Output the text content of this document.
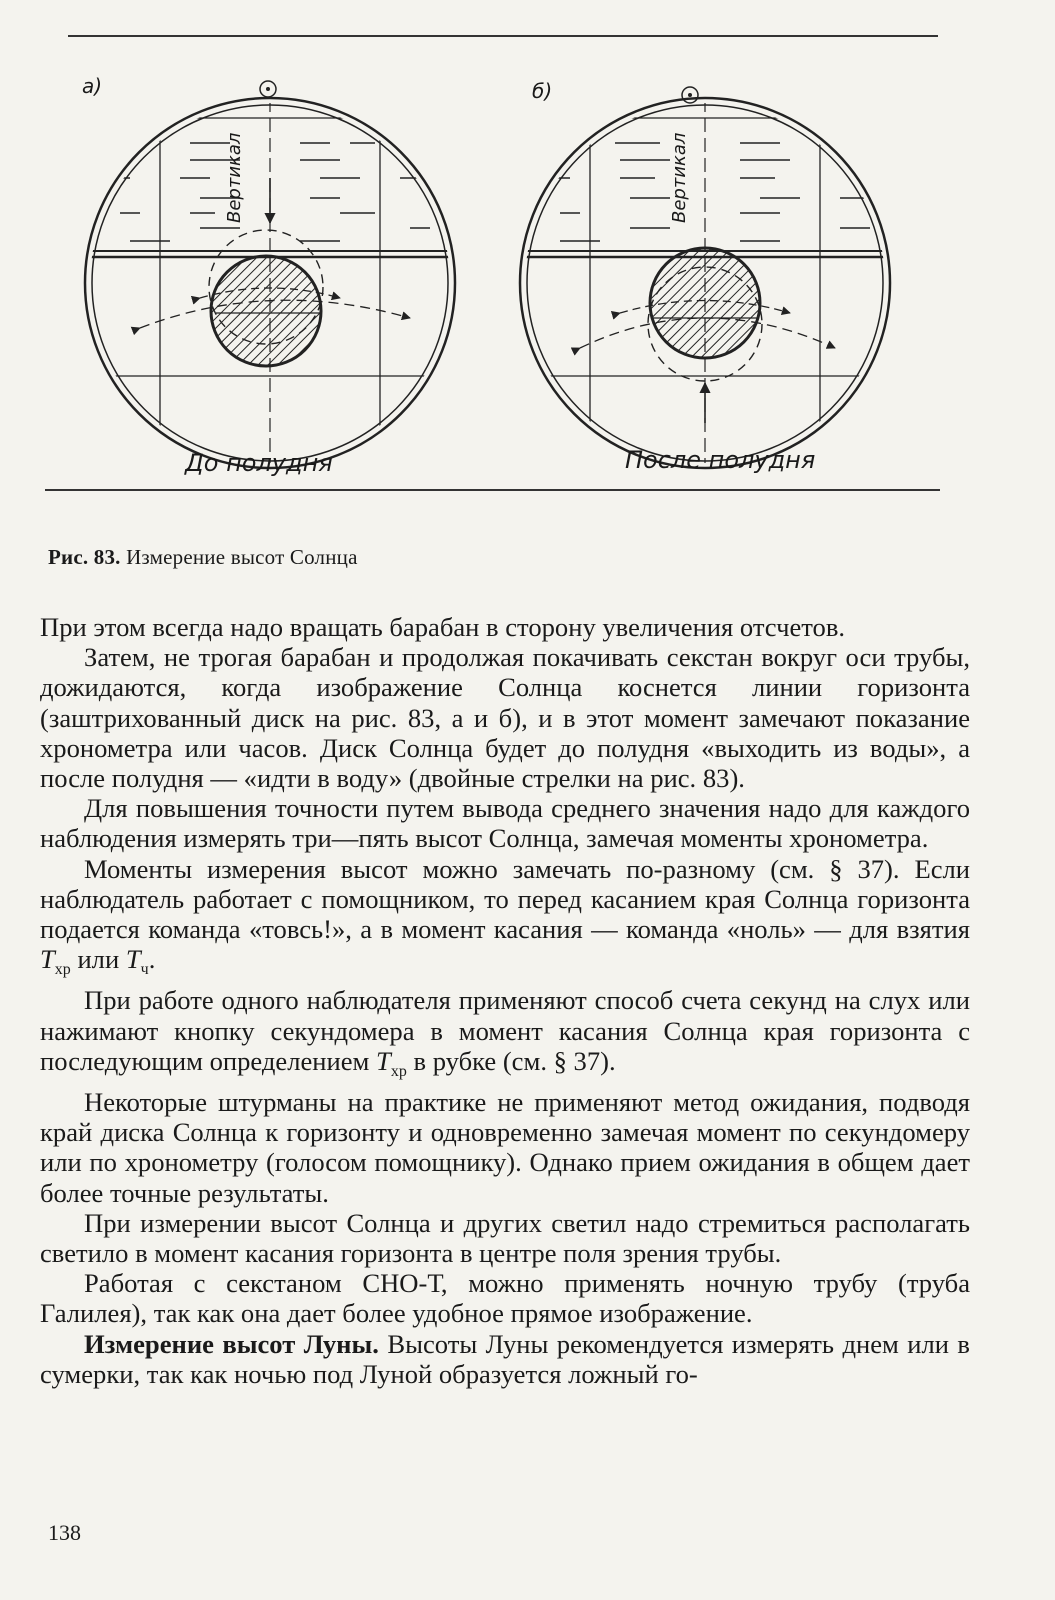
Вертикал
а)
До полудня
Вертикал
б)
После полудня
Рис. 83. Измерение высот Солнца

При этом всегда надо вращать барабан в сторону увеличения отсчетов.

Затем, не трогая барабан и продолжая покачивать секстан вокруг оси трубы, дожидаются, когда изображение Солнца коснется линии горизонта (заштрихованный диск на рис. 83, а и б), и в этот момент замечают показание хронометра или часов. Диск Солнца будет до полудня «выходить из воды», а после полудня — «идти в воду» (двойные стрелки на рис. 83).

Для повышения точности путем вывода среднего значения надо для каждого наблюдения измерять три—пять высот Солнца, замечая моменты хронометра.

Моменты измерения высот можно замечать по-разному (см. § 37). Если наблюдатель работает с помощником, то перед касанием края Солнца горизонта подается команда «товсь!», а в момент касания — команда «ноль» — для взятия $T_{хр}$ или $T_ч$.

При работе одного наблюдателя применяют способ счета секунд на слух или нажимают кнопку секундомера в момент касания Солнца края горизонта с последующим определением $T_{хр}$ в рубке (см. § 37).

Некоторые штурманы на практике не применяют метод ожидания, подводя край диска Солнца к горизонту и одновременно замечая момент по секундомеру или по хронометру (голосом помощнику). Однако прием ожидания в общем дает более точные результаты.

При измерении высот Солнца и других светил надо стремиться располагать светило в момент касания горизонта в центре поля зрения трубы.

Работая с секстаном СНО-Т, можно применять ночную трубу (труба Галилея), так как она дает более удобное прямое изображение.

Измерение высот Луны. Высоты Луны рекомендуется измерять днем или в сумерки, так как ночью под Луной образуется ложный го-

138
